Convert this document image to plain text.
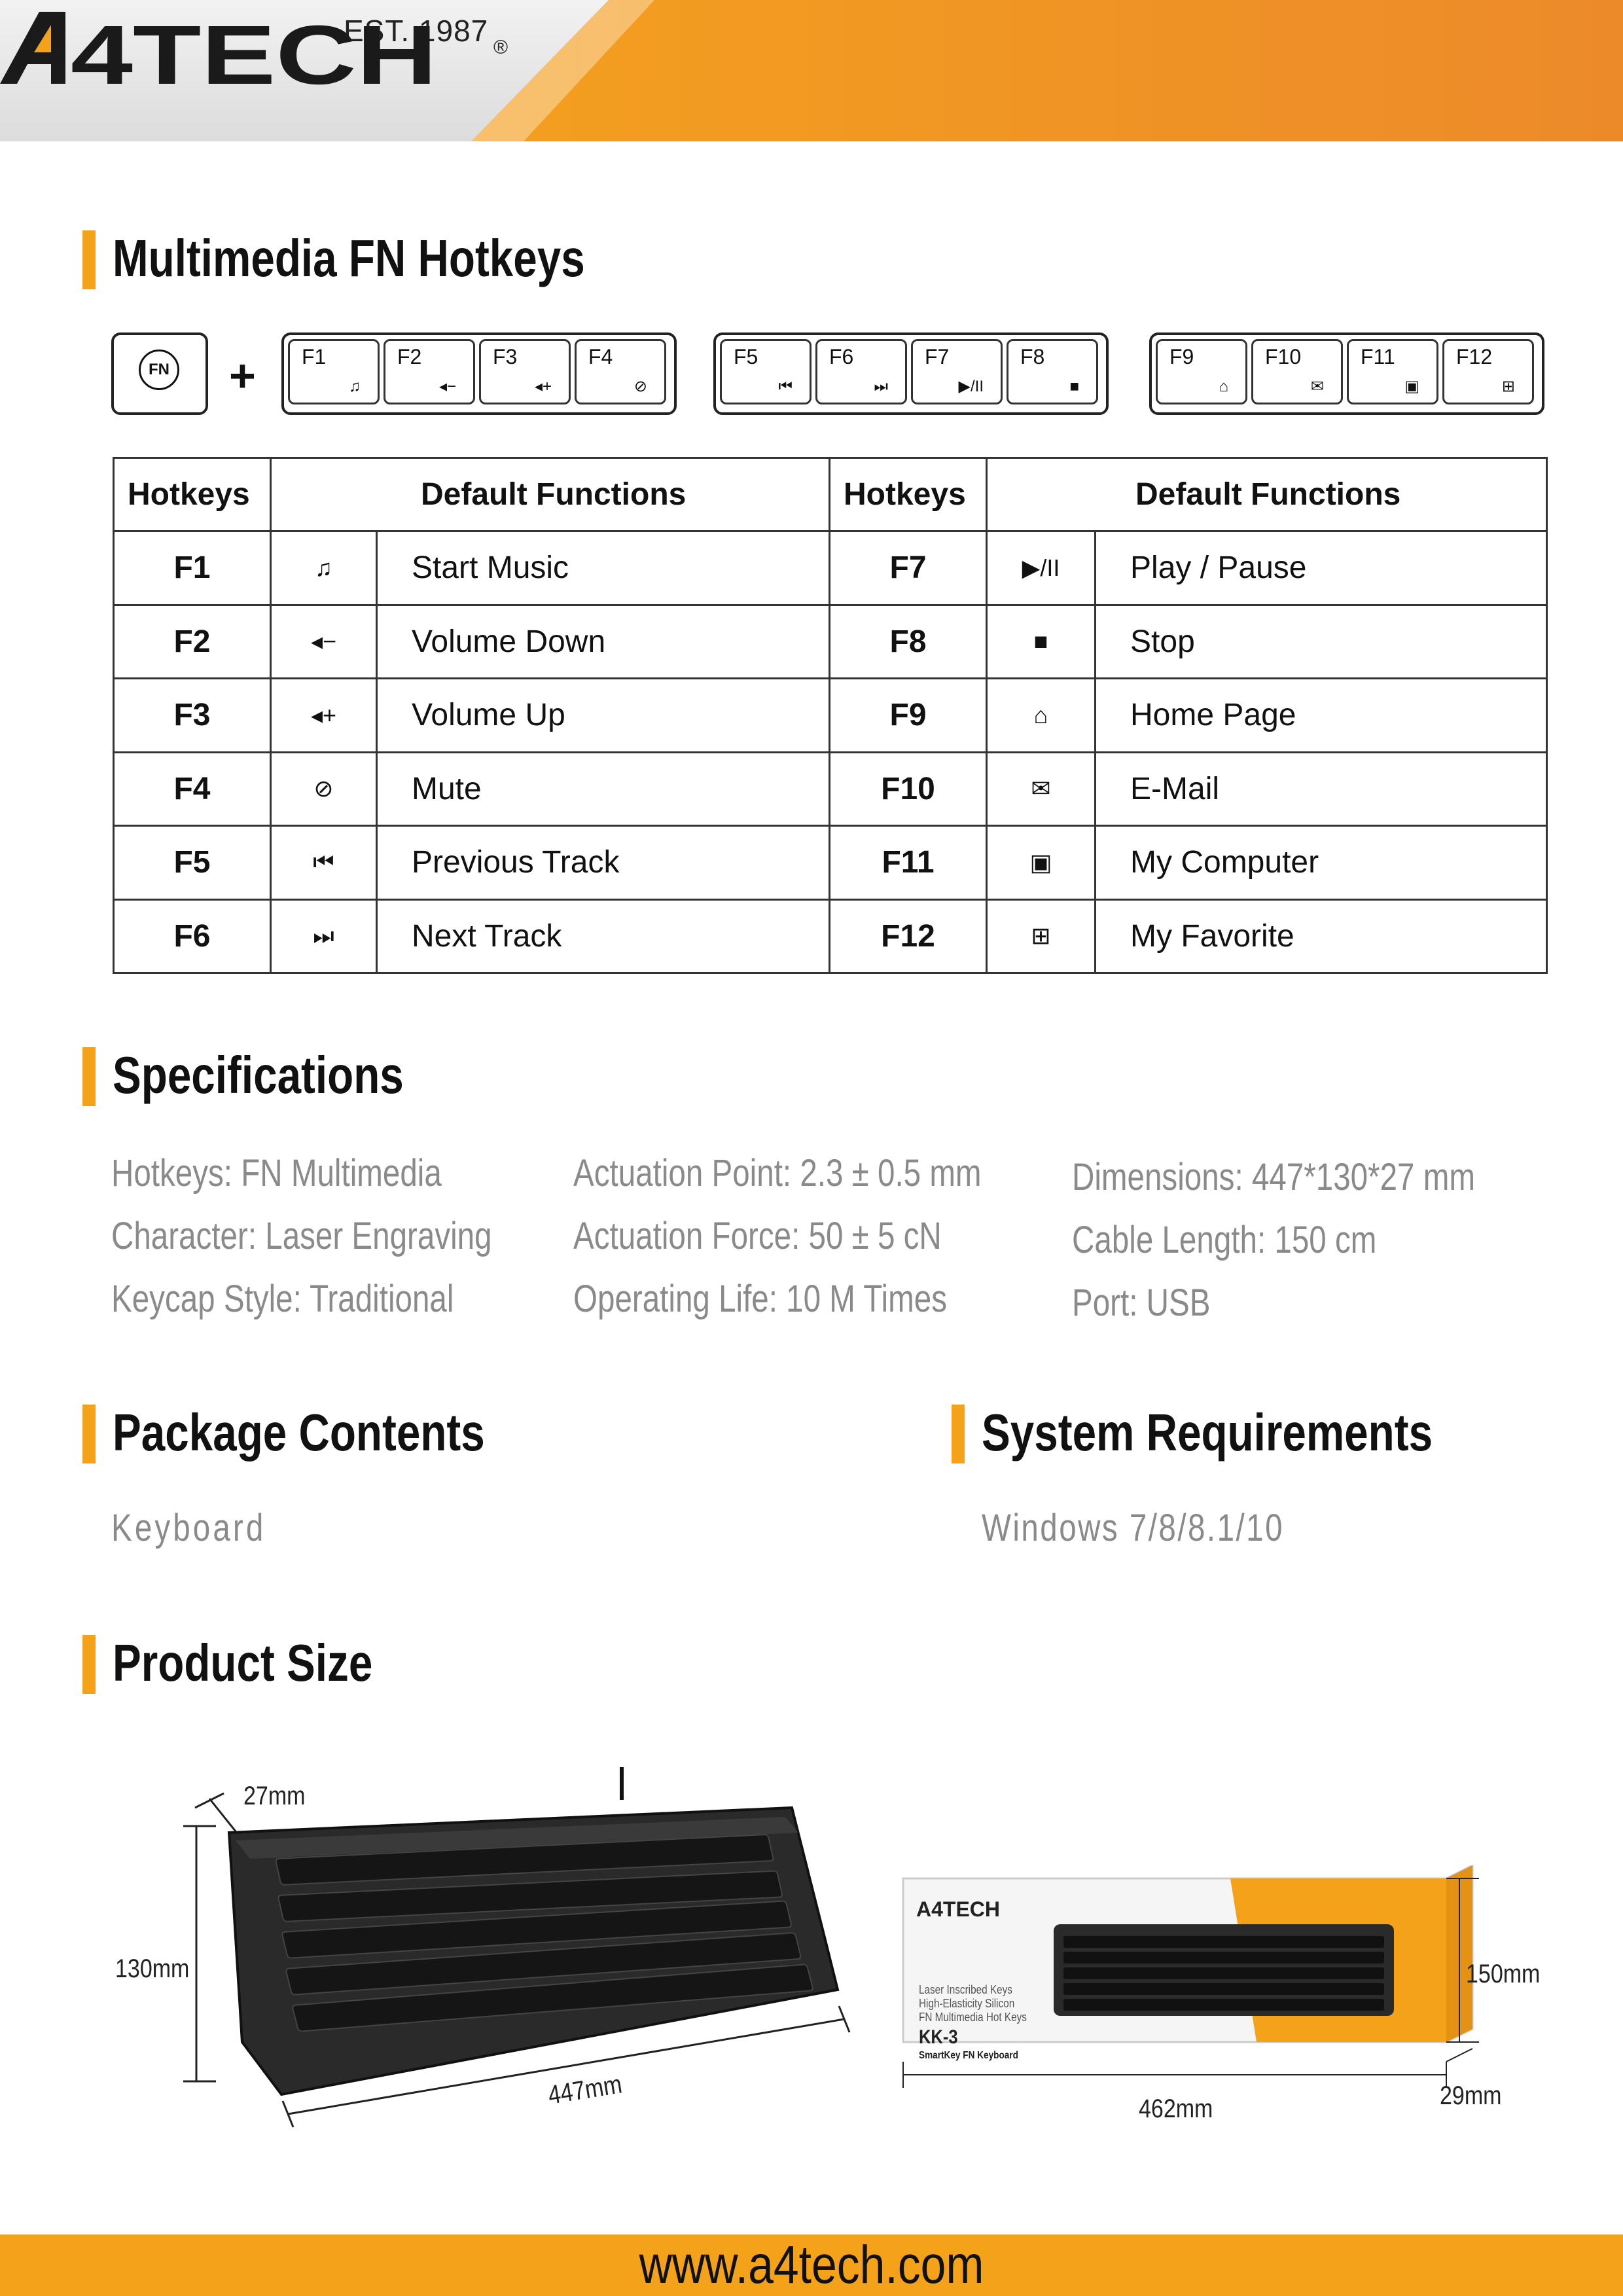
EST. 1987
4TECH	®
Multimedia FN Hotkeys
FN + F1
♫
F2
◂−
F3
◂+
F4
⊘
F5
⏮
F6
⏭
F7
▶/II
F8
■
F9
⌂
F10
✉
F11
▣
F12
⊞
Hotkeys	Default Functions		Hotkeys	Default Functions	
F1	♫	Start Music	F7	▶/II	Play / Pause
F2	◂−	Volume Down	F8	■	Stop
F3	◂+	Volume Up	F9	⌂	Home Page
F4	⊘	Mute	F10	✉	E-Mail
F5	⏮	Previous Track	F11	▣	My Computer
F6	⏭	Next Track	F12	⊞	My Favorite
Specifications
Hotkeys: FN Multimedia
Character: Laser Engraving
Keycap Style: Traditional
Actuation Point: 2.3 ± 0.5 mm
Actuation Force: 50 ± 5 cN
Operating Life: 10 M Times
Dimensions: 447*130*27 mm
Cable Length: 150 cm
Port: USB
Package Contents
Keyboard
System Requirements
Windows 7/8/8.1/10
Product Size
27mm
130mm
447mm
A4TECH
Laser Inscribed Keys
High-Elasticity Silicon
FN Multimedia Hot Keys
KK-3
SmartKey FN Keyboard
150mm
29mm
462mm
www.a4tech.com
